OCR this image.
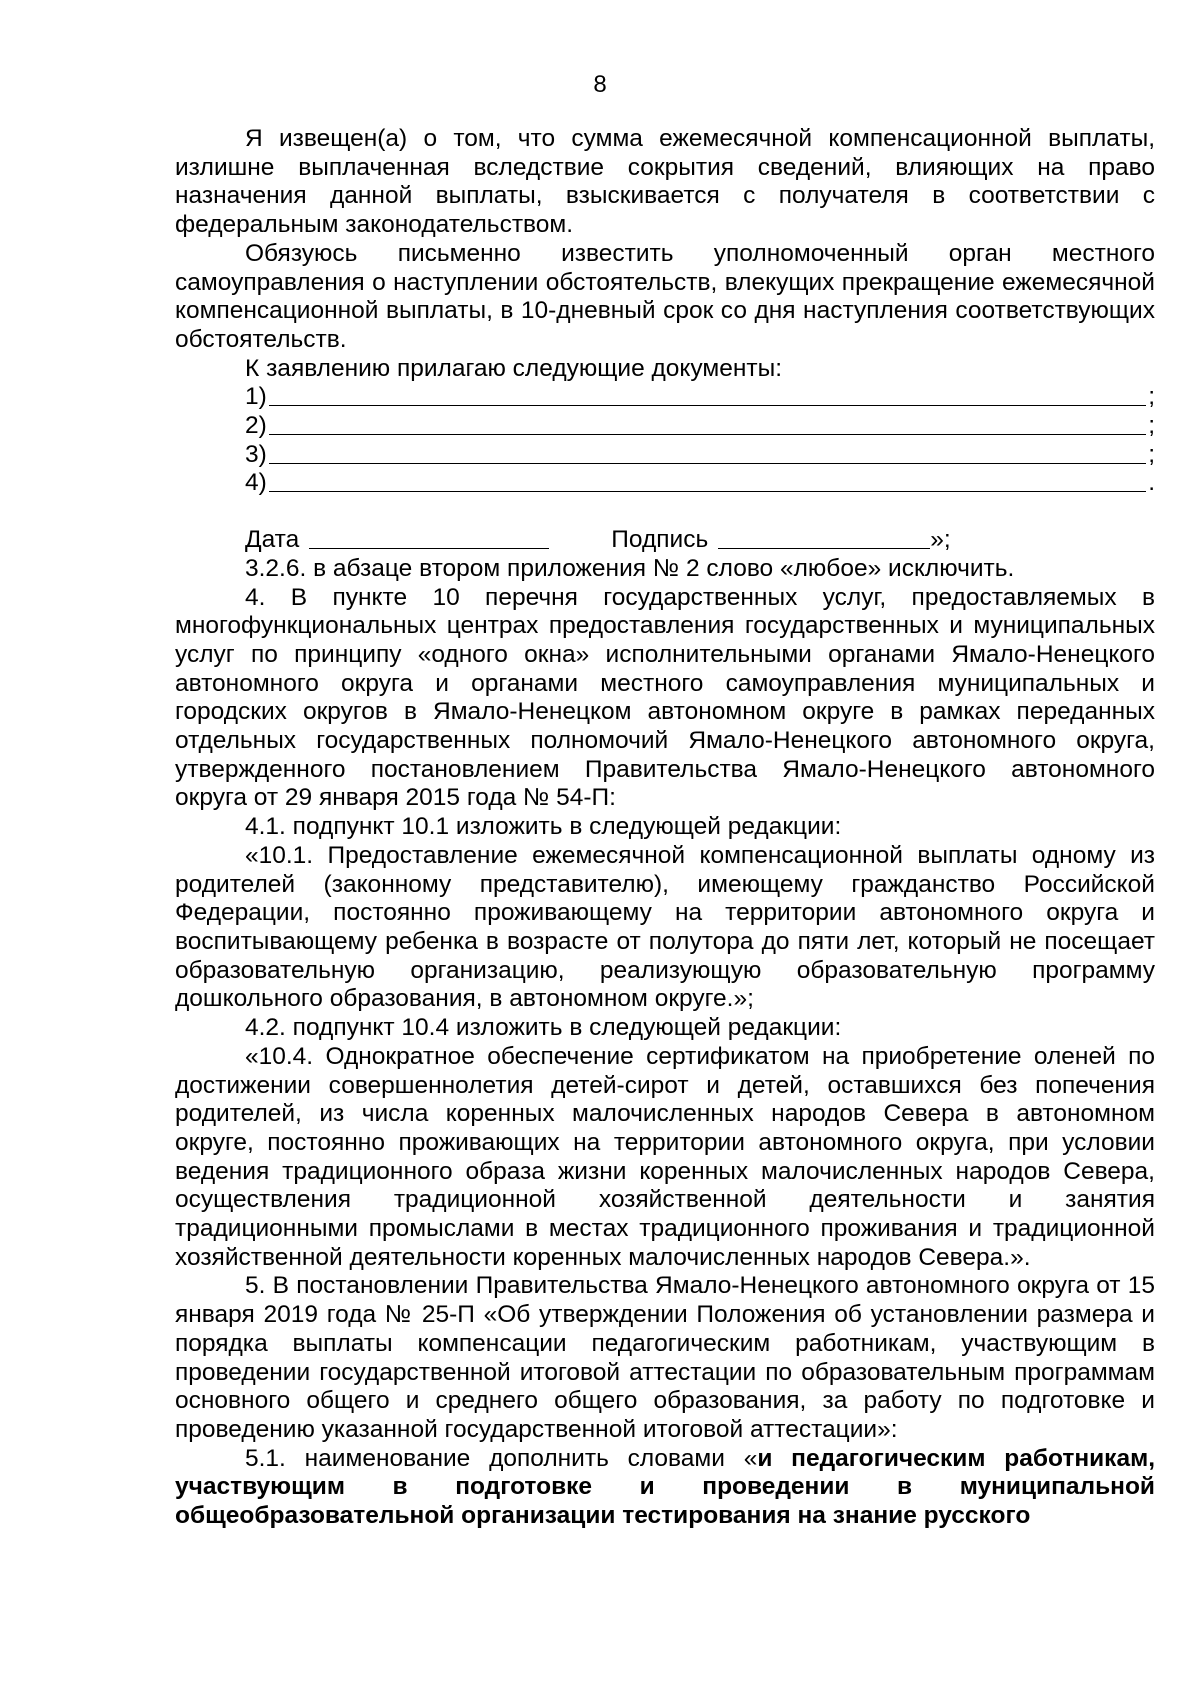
8

Я извещен(а) о том, что сумма ежемесячной компенсационной выплаты, излишне выплаченная вследствие сокрытия сведений, влияющих на право назначения данной выплаты, взыскивается с получателя в соответствии с федеральным законодательством.

Обязуюсь письменно известить уполномоченный орган местного самоуправления о наступлении обстоятельств, влекущих прекращение ежемесячной компенсационной выплаты, в 10-дневный срок со дня наступления соответствующих обстоятельств.

К заявлению прилагаю следующие документы:

1)	;
2)	;
3)	;
4)	.
Дата	Подпись	»;

3.2.6. в абзаце втором приложения № 2 слово «любое» исключить.

4. В пункте 10 перечня государственных услуг, предоставляемых в многофункциональных центрах предоставления государственных и муниципальных услуг по принципу «одного окна» исполнительными органами Ямало-Ненецкого автономного округа и органами местного самоуправления муниципальных и городских округов в Ямало-Ненецком автономном округе в рамках переданных отдельных государственных полномочий Ямало-Ненецкого автономного округа, утвержденного постановлением Правительства Ямало-Ненецкого автономного округа от 29 января 2015 года № 54-П:

4.1. подпункт 10.1 изложить в следующей редакции:

«10.1. Предоставление ежемесячной компенсационной выплаты одному из родителей (законному представителю), имеющему гражданство Российской Федерации, постоянно проживающему на территории автономного округа и воспитывающему ребенка в возрасте от полутора до пяти лет, который не посещает образовательную организацию, реализующую образовательную программу дошкольного образования, в автономном округе.»;

4.2. подпункт 10.4 изложить в следующей редакции:

«10.4. Однократное обеспечение сертификатом на приобретение оленей по достижении совершеннолетия детей-сирот и детей, оставшихся без попечения родителей, из числа коренных малочисленных народов Севера в автономном округе, постоянно проживающих на территории автономного округа, при условии ведения традиционного образа жизни коренных малочисленных народов Севера, осуществления традиционной хозяйственной деятельности и занятия традиционными промыслами в местах традиционного проживания и традиционной хозяйственной деятельности коренных малочисленных народов Севера.».

5. В постановлении Правительства Ямало-Ненецкого автономного округа от 15 января 2019 года № 25-П «Об утверждении Положения об установлении размера и порядка выплаты компенсации педагогическим работникам, участвующим в проведении государственной итоговой аттестации по образовательным программам основного общего и среднего общего образования, за работу по подготовке и проведению указанной государственной итоговой аттестации»:

5.1. наименование дополнить словами «и педагогическим работникам, участвующим в подготовке и проведении в муниципальной общеобразовательной организации тестирования на знание русского
